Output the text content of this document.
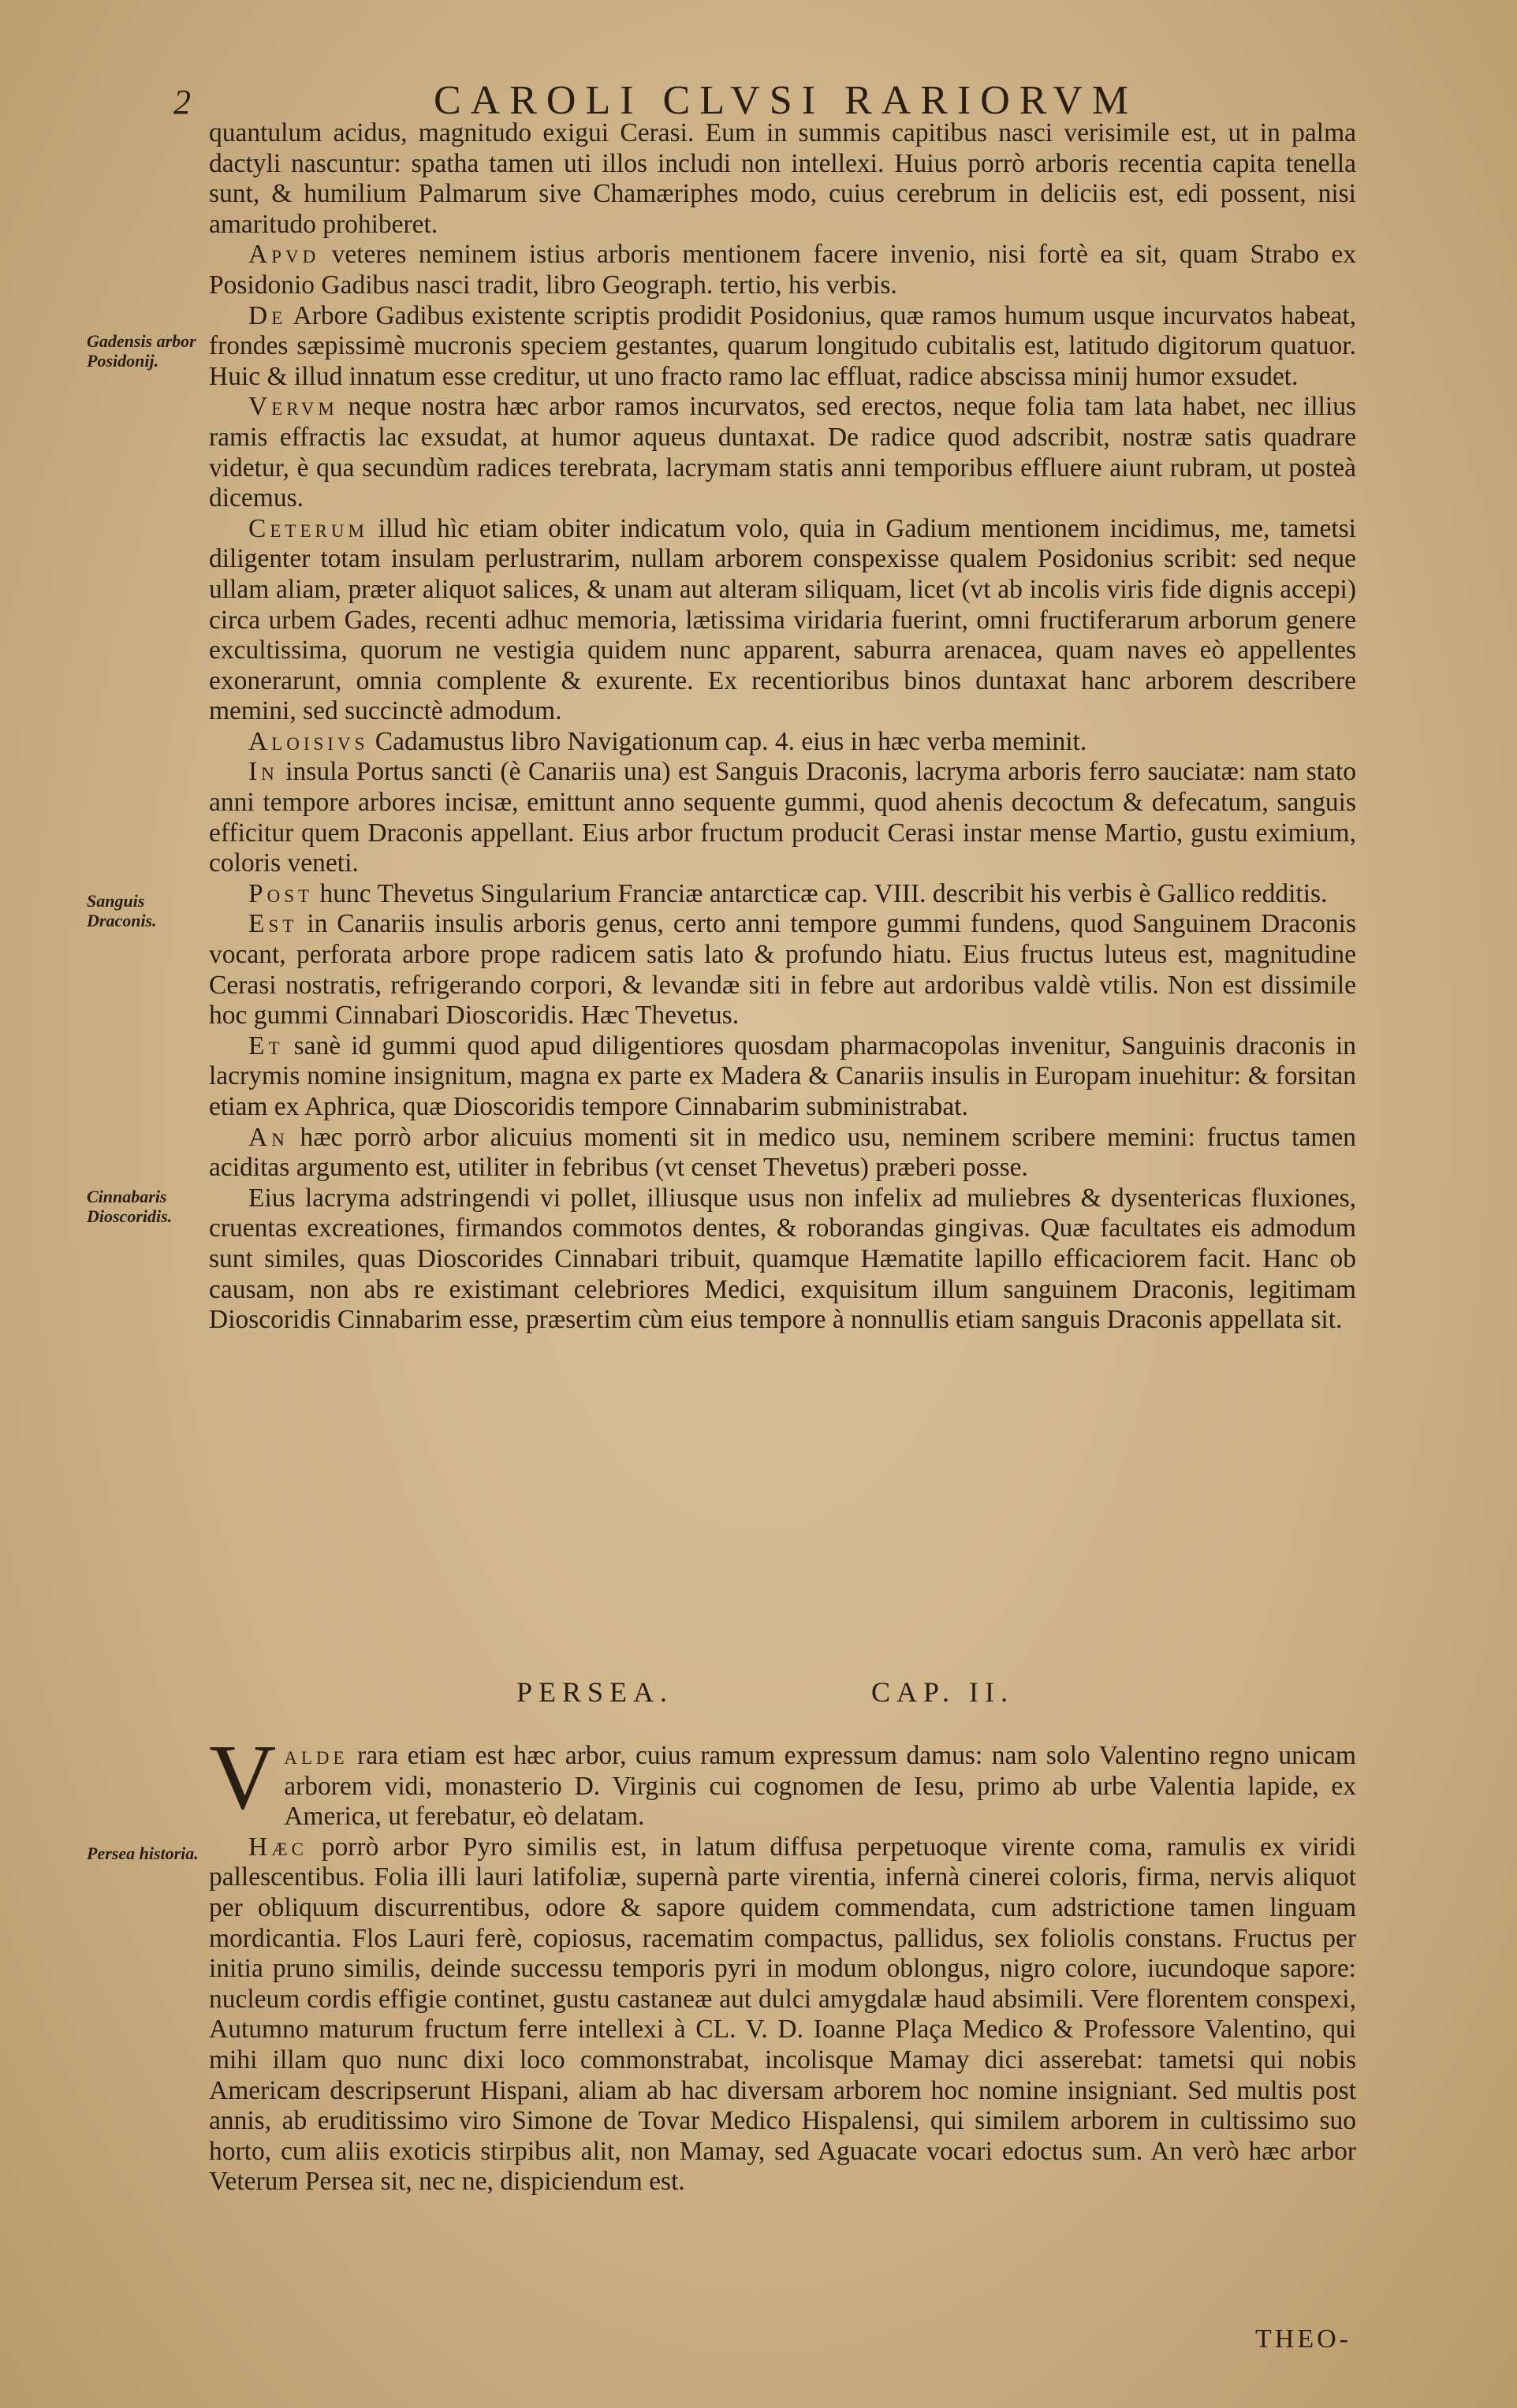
2	CAROLI CLVSI RARIORVM
Gadensis arbor Posidonij.
Sanguis Draconis.
Cinnabaris Dioscoridis.
Persea historia.

quantulum acidus, magnitudo exigui Cerasi. Eum in summis capitibus nasci verisimile est, ut in palma dactyli nascuntur: spatha tamen uti illos includi non intellexi. Huius porrò arboris recentia capita tenella sunt, & humilium Palmarum sive Chamæriphes modo, cuius cerebrum in deliciis est, edi possent, nisi amaritudo prohiberet.

Apvd veteres neminem istius arboris mentionem facere invenio, nisi fortè ea sit, quam Strabo ex Posidonio Gadibus nasci tradit, libro Geograph. tertio, his verbis.

De Arbore Gadibus existente scriptis prodidit Posidonius, quæ ramos humum usque incurvatos habeat, frondes sæpissimè mucronis speciem gestantes, quarum longitudo cubitalis est, latitudo digitorum quatuor. Huic & illud innatum esse creditur, ut uno fracto ramo lac effluat, radice abscissa minij humor exsudet.

Vervm neque nostra hæc arbor ramos incurvatos, sed erectos, neque folia tam lata habet, nec illius ramis effractis lac exsudat, at humor aqueus duntaxat. De radice quod adscribit, nostræ satis quadrare videtur, è qua secundùm radices terebrata, lacrymam statis anni temporibus effluere aiunt rubram, ut posteà dicemus.

Ceterum illud hìc etiam obiter indicatum volo, quia in Gadium mentionem incidimus, me, tametsi diligenter totam insulam perlustrarim, nullam arborem conspexisse qualem Posidonius scribit: sed neque ullam aliam, præter aliquot salices, & unam aut alteram siliquam, licet (vt ab incolis viris fide dignis accepi) circa urbem Gades, recenti adhuc memoria, lætissima viridaria fuerint, omni fructiferarum arborum genere excultissima, quorum ne vestigia quidem nunc apparent, saburra arenacea, quam naves eò appellentes exonerarunt, omnia complente & exurente. Ex recentioribus binos duntaxat hanc arborem describere memini, sed succinctè admodum.

Aloisivs Cadamustus libro Navigationum cap. 4. eius in hæc verba meminit.

In insula Portus sancti (è Canariis una) est Sanguis Draconis, lacryma arboris ferro sauciatæ: nam stato anni tempore arbores incisæ, emittunt anno sequente gummi, quod ahenis decoctum & defecatum, sanguis efficitur quem Draconis appellant. Eius arbor fructum producit Cerasi instar mense Martio, gustu eximium, coloris veneti.

Post hunc Thevetus Singularium Franciæ antarcticæ cap. VIII. describit his verbis è Gallico redditis.

Est in Canariis insulis arboris genus, certo anni tempore gummi fundens, quod Sanguinem Draconis vocant, perforata arbore prope radicem satis lato & profundo hiatu. Eius fructus luteus est, magnitudine Cerasi nostratis, refrigerando corpori, & levandæ siti in febre aut ardoribus valdè vtilis. Non est dissimile hoc gummi Cinnabari Dioscoridis. Hæc Thevetus.

Et sanè id gummi quod apud diligentiores quosdam pharmacopolas invenitur, Sanguinis draconis in lacrymis nomine insignitum, magna ex parte ex Madera & Canariis insulis in Europam inuehitur: & forsitan etiam ex Aphrica, quæ Dioscoridis tempore Cinnabarim subministrabat.

An hæc porrò arbor alicuius momenti sit in medico usu, neminem scribere memini: fructus tamen aciditas argumento est, utiliter in febribus (vt censet Thevetus) præberi posse.

Eius lacryma adstringendi vi pollet, illiusque usus non infelix ad muliebres & dysentericas fluxiones, cruentas excreationes, firmandos commotos dentes, & roborandas gingivas. Quæ facultates eis admodum sunt similes, quas Dioscorides Cinnabari tribuit, quamque Hæmatite lapillo efficaciorem facit. Hanc ob causam, non abs re existimant celebriores Medici, exquisitum illum sanguinem Draconis, legitimam Dioscoridis Cinnabarim esse, præsertim cùm eius tempore à nonnullis etiam sanguis Draconis appellata sit.

PERSEA.	CAP. II.

Valde rara etiam est hæc arbor, cuius ramum expressum damus: nam solo Valentino regno unicam arborem vidi, monasterio D. Virginis cui cognomen de Iesu, primo ab urbe Valentia lapide, ex America, ut ferebatur, eò delatam.

Hæc porrò arbor Pyro similis est, in latum diffusa perpetuoque virente coma, ramulis ex viridi pallescentibus. Folia illi lauri latifoliæ, supernà parte virentia, infernà cinerei coloris, firma, nervis aliquot per obliquum discurrentibus, odore & sapore quidem commendata, cum adstrictione tamen linguam mordicantia. Flos Lauri ferè, copiosus, racematim compactus, pallidus, sex foliolis constans. Fructus per initia pruno similis, deinde successu temporis pyri in modum oblongus, nigro colore, iucundoque sapore: nucleum cordis effigie continet, gustu castaneæ aut dulci amygdalæ haud absimili. Vere florentem conspexi, Autumno maturum fructum ferre intellexi à CL. V. D. Ioanne Plaça Medico & Professore Valentino, qui mihi illam quo nunc dixi loco commonstrabat, incolisque Mamay dici asserebat: tametsi qui nobis Americam descripserunt Hispani, aliam ab hac diversam arborem hoc nomine insigniant. Sed multis post annis, ab eruditissimo viro Simone de Tovar Medico Hispalensi, qui similem arborem in cultissimo suo horto, cum aliis exoticis stirpibus alit, non Mamay, sed Aguacate vocari edoctus sum. An verò hæc arbor Veterum Persea sit, nec ne, dispiciendum est.

THEO-
